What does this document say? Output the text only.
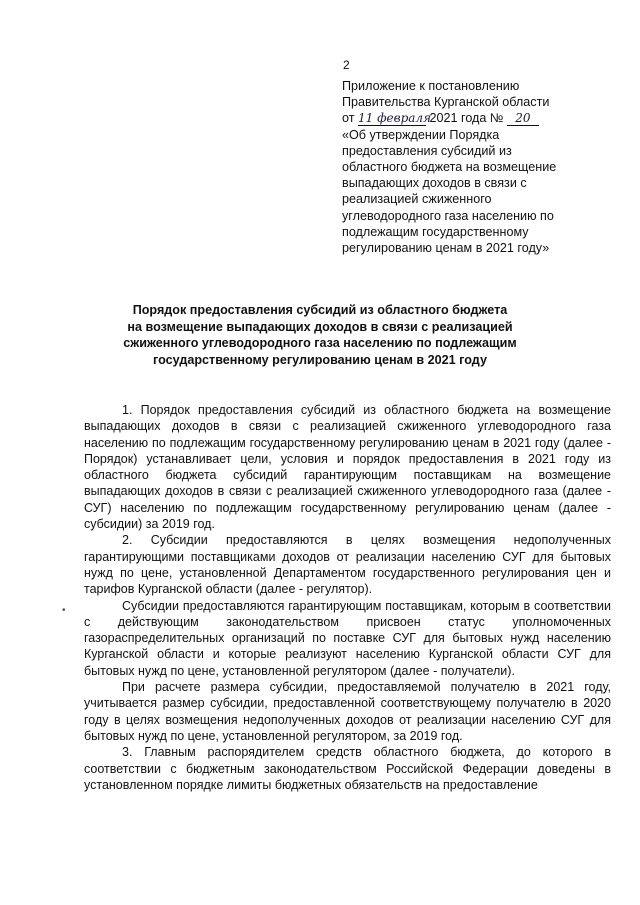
2
Приложение к постановлению
Правительства Курганской области
от 11 февраля 2021 года № 20
«Об утверждении Порядка
предоставления субсидий из
областного бюджета на возмещение
выпадающих доходов в связи с
реализацией сжиженного
углеводородного газа населению по
подлежащим государственному
регулированию ценам в 2021 году»
Порядок предоставления субсидий из областного бюджета
на возмещение выпадающих доходов в связи с реализацией
сжиженного углеводородного газа населению по подлежащим
государственному регулированию ценам в 2021 году
•

1. Порядок предоставления субсидий из областного бюджета на возмещение выпадающих доходов в связи с реализацией сжиженного углеводородного газа населению по подлежащим государственному регулированию ценам в 2021 году (далее - Порядок) устанавливает цели, условия и порядок предоставления в 2021 году из областного бюджета субсидий гарантирующим поставщикам на возмещение выпадающих доходов в связи с реализацией сжиженного углеводородного газа (далее - СУГ) населению по подлежащим государственному регулированию ценам (далее - субсидии) за 2019 год.

2. Субсидии предоставляются в целях возмещения недополученных гарантирующими поставщиками доходов от реализации населению СУГ для бытовых нужд по цене, установленной Департаментом государственного регулирования цен и тарифов Курганской области (далее - регулятор).

Субсидии предоставляются гарантирующим поставщикам, которым в соответствии с действующим законодательством присвоен статус уполномоченных газораспределительных организаций по поставке СУГ для бытовых нужд населению Курганской области и которые реализуют населению Курганской области СУГ для бытовых нужд по цене, установленной регулятором (далее - получатели).

При расчете размера субсидии, предоставляемой получателю в 2021 году, учитывается размер субсидии, предоставленной соответствующему получателю в 2020 году в целях возмещения недополученных доходов от реализации населению СУГ для бытовых нужд по цене, установленной регулятором, за 2019 год.

3. Главным распорядителем средств областного бюджета, до которого в соответствии с бюджетным законодательством Российской Федерации доведены в установленном порядке лимиты бюджетных обязательств на предоставление
